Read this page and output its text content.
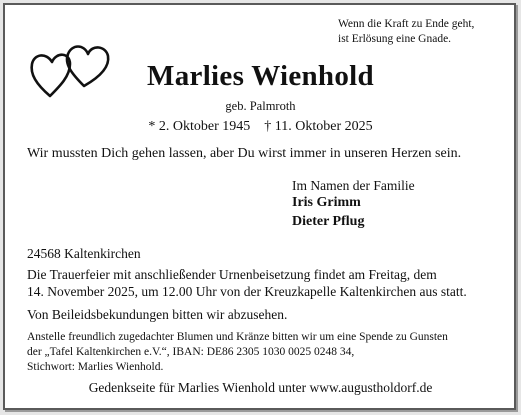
Wenn die Kraft zu Ende geht,
ist Erlösung eine Gnade.
Marlies Wienhold
geb. Palmroth
* 2. Oktober 1945    † 11. Oktober 2025
Wir mussten Dich gehen lassen, aber Du wirst immer in unseren Herzen sein.
Im Namen der Familie
Iris Grimm
Dieter Pflug
24568 Kaltenkirchen
Die Trauerfeier mit anschließender Urnenbeisetzung findet am Freitag, dem
14. November 2025, um 12.00 Uhr von der Kreuzkapelle Kaltenkirchen aus statt.
Von Beileidsbekundungen bitten wir abzusehen.
Anstelle freundlich zugedachter Blumen und Kränze bitten wir um eine Spende zu Gunsten
der „Tafel Kaltenkirchen e.V.“, IBAN: DE86 2305 1030 0025 0248 34,
Stichwort: Marlies Wienhold.
Gedenkseite für Marlies Wienhold unter www.augustholdorf.de
